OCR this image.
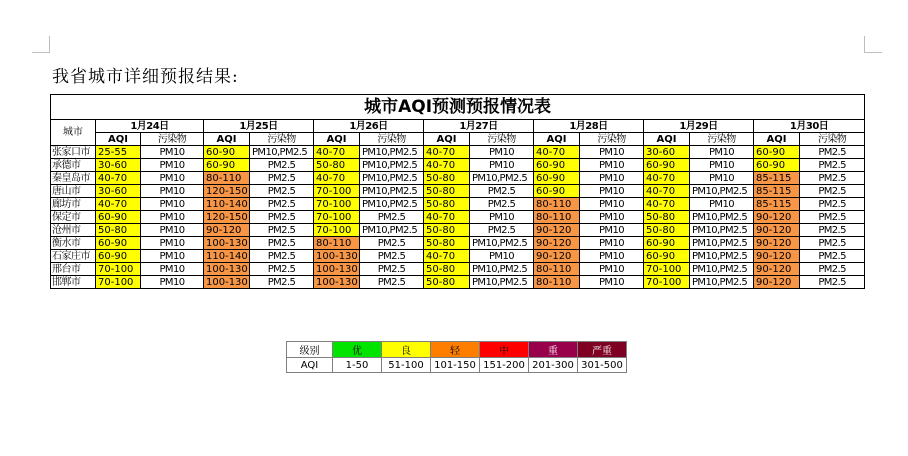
我省城市详细预报结果:
城市AQI预测预报情况表														
城市	1月24日		1月25日		1月26日		1月27日		1月28日		1月29日		1月30日	
	AQI	污染物	AQI	污染物	AQI	污染物	AQI	污染物	AQI	污染物	AQI	污染物	AQI	污染物
张家口市	25-55	PM10	60-90	PM10,PM2.5	40-70	PM10,PM2.5	40-70	PM10	40-70	PM10	30-60	PM10	60-90	PM2.5
承德市	30-60	PM10	60-90	PM2.5	50-80	PM10,PM2.5	40-70	PM10	60-90	PM10	60-90	PM10	60-90	PM2.5
秦皇岛市	40-70	PM10	80-110	PM2.5	40-70	PM10,PM2.5	50-80	PM10,PM2.5	60-90	PM10	40-70	PM10	85-115	PM2.5
唐山市	30-60	PM10	120-150	PM2.5	70-100	PM10,PM2.5	50-80	PM2.5	60-90	PM10	40-70	PM10,PM2.5	85-115	PM2.5
廊坊市	40-70	PM10	110-140	PM2.5	70-100	PM10,PM2.5	50-80	PM2.5	80-110	PM10	40-70	PM10	85-115	PM2.5
保定市	60-90	PM10	120-150	PM2.5	70-100	PM2.5	40-70	PM10	80-110	PM10	50-80	PM10,PM2.5	90-120	PM2.5
沧州市	50-80	PM10	90-120	PM2.5	70-100	PM10,PM2.5	50-80	PM2.5	90-120	PM10	50-80	PM10,PM2.5	90-120	PM2.5
衡水市	60-90	PM10	100-130	PM2.5	80-110	PM2.5	50-80	PM10,PM2.5	90-120	PM10	60-90	PM10,PM2.5	90-120	PM2.5
石家庄市	60-90	PM10	110-140	PM2.5	100-130	PM2.5	40-70	PM10	90-120	PM10	60-90	PM10,PM2.5	90-120	PM2.5
邢台市	70-100	PM10	100-130	PM2.5	100-130	PM2.5	50-80	PM10,PM2.5	80-110	PM10	70-100	PM10,PM2.5	90-120	PM2.5
邯郸市	70-100	PM10	100-130	PM2.5	100-130	PM2.5	50-80	PM10,PM2.5	80-110	PM10	70-100	PM10,PM2.5	90-120	PM2.5
级别	优	良	轻	中	重	严重
AQI	1-50	51-100	101-150	151-200	201-300	301-500
